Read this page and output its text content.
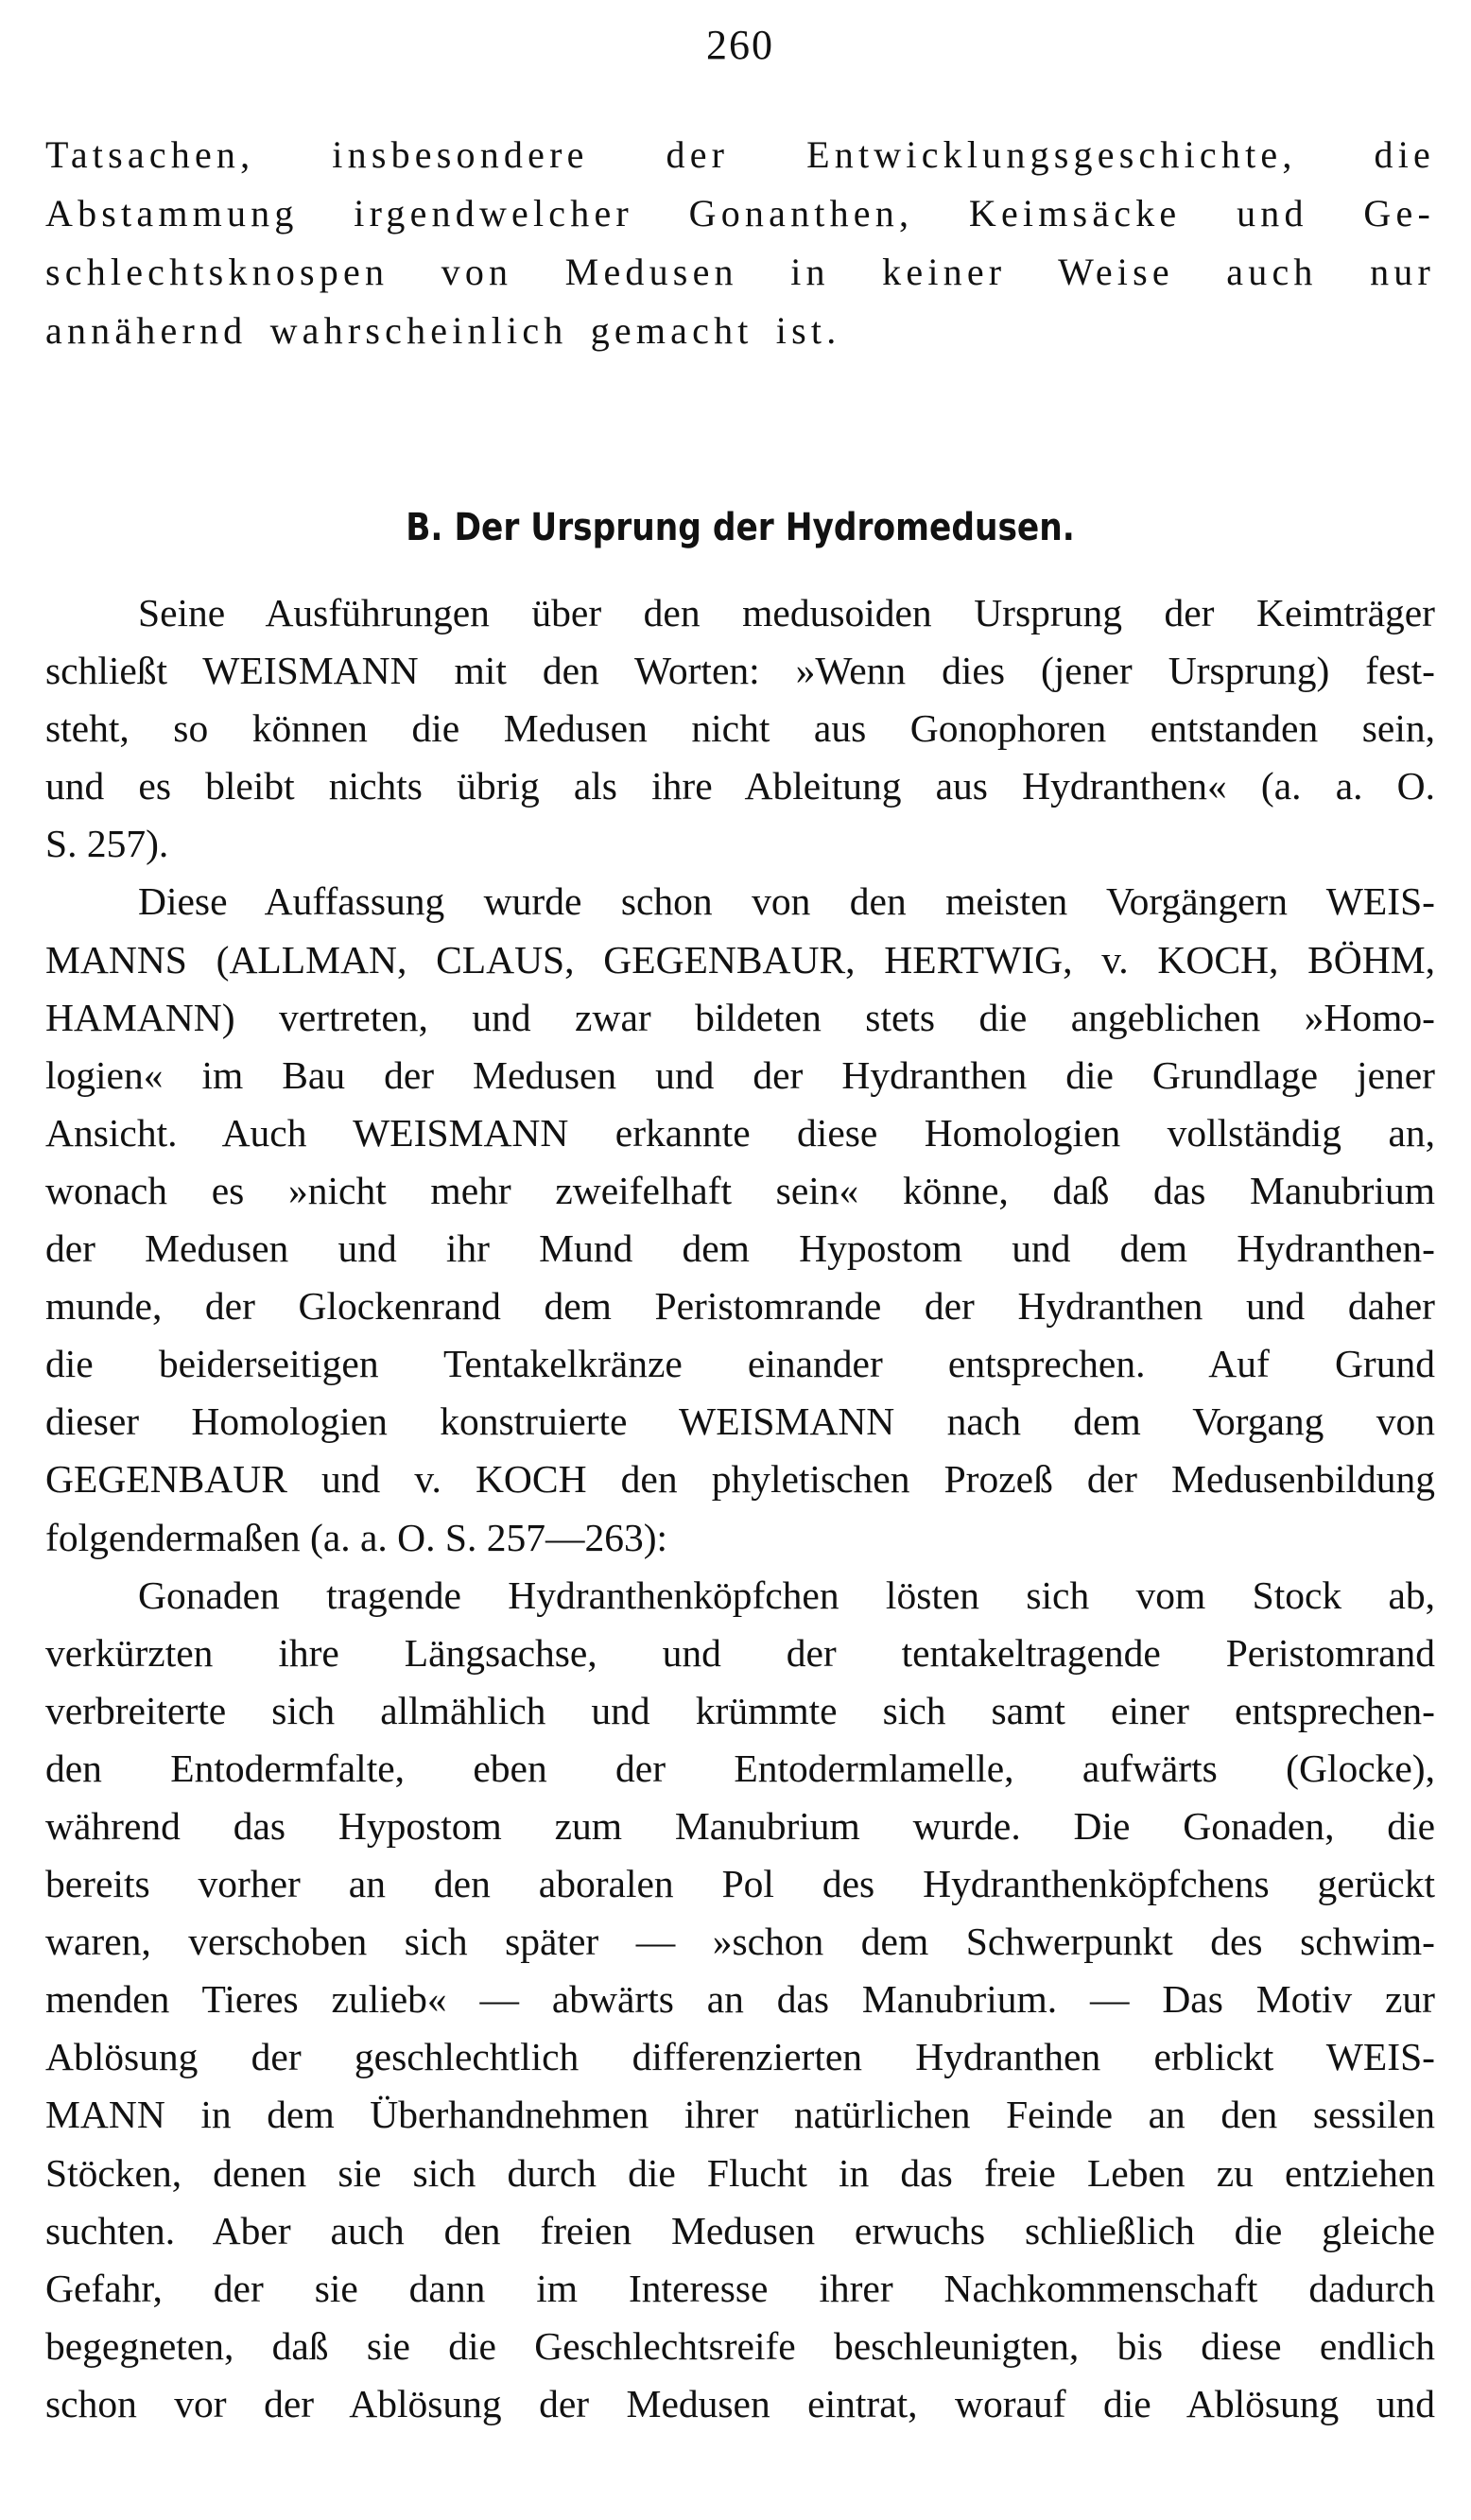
260
Tatsachen, insbesondere der Entwicklungsgeschichte, die
Abstammung irgendwelcher Gonanthen, Keimsäcke und Ge-
schlechtsknospen von Medusen in keiner Weise auch nur
annähernd wahrscheinlich gemacht ist.
B. Der Ursprung der Hydromedusen.
Seine Ausführungen über den medusoiden Ursprung der Keimträger
schließt WEISMANN mit den Worten: »Wenn dies (jener Ursprung) fest-
steht, so können die Medusen nicht aus Gonophoren entstanden sein,
und es bleibt nichts übrig als ihre Ableitung aus Hydranthen« (a. a. O.
S. 257).
Diese Auffassung wurde schon von den meisten Vorgängern WEIS-
MANNS (ALLMAN, CLAUS, GEGENBAUR, HERTWIG, v. KOCH, BÖHM,
HAMANN) vertreten, und zwar bildeten stets die angeblichen »Homo-
logien« im Bau der Medusen und der Hydranthen die Grundlage jener
Ansicht. Auch WEISMANN erkannte diese Homologien vollständig an,
wonach es »nicht mehr zweifelhaft sein« könne, daß das Manubrium
der Medusen und ihr Mund dem Hypostom und dem Hydranthen-
munde, der Glockenrand dem Peristomrande der Hydranthen und daher
die beiderseitigen Tentakelkränze einander entsprechen. Auf Grund
dieser Homologien konstruierte WEISMANN nach dem Vorgang von
GEGENBAUR und v. KOCH den phyletischen Prozeß der Medusenbildung
folgendermaßen (a. a. O. S. 257—263):
Gonaden tragende Hydranthenköpfchen lösten sich vom Stock ab,
verkürzten ihre Längsachse, und der tentakeltragende Peristomrand
verbreiterte sich allmählich und krümmte sich samt einer entsprechen-
den Entodermfalte, eben der Entodermlamelle, aufwärts (Glocke),
während das Hypostom zum Manubrium wurde. Die Gonaden, die
bereits vorher an den aboralen Pol des Hydranthenköpfchens gerückt
waren, verschoben sich später — »schon dem Schwerpunkt des schwim-
menden Tieres zulieb« — abwärts an das Manubrium. — Das Motiv zur
Ablösung der geschlechtlich differenzierten Hydranthen erblickt WEIS-
MANN in dem Überhandnehmen ihrer natürlichen Feinde an den sessilen
Stöcken, denen sie sich durch die Flucht in das freie Leben zu entziehen
suchten. Aber auch den freien Medusen erwuchs schließlich die gleiche
Gefahr, der sie dann im Interesse ihrer Nachkommenschaft dadurch
begegneten, daß sie die Geschlechtsreife beschleunigten, bis diese endlich
schon vor der Ablösung der Medusen eintrat, worauf die Ablösung und
